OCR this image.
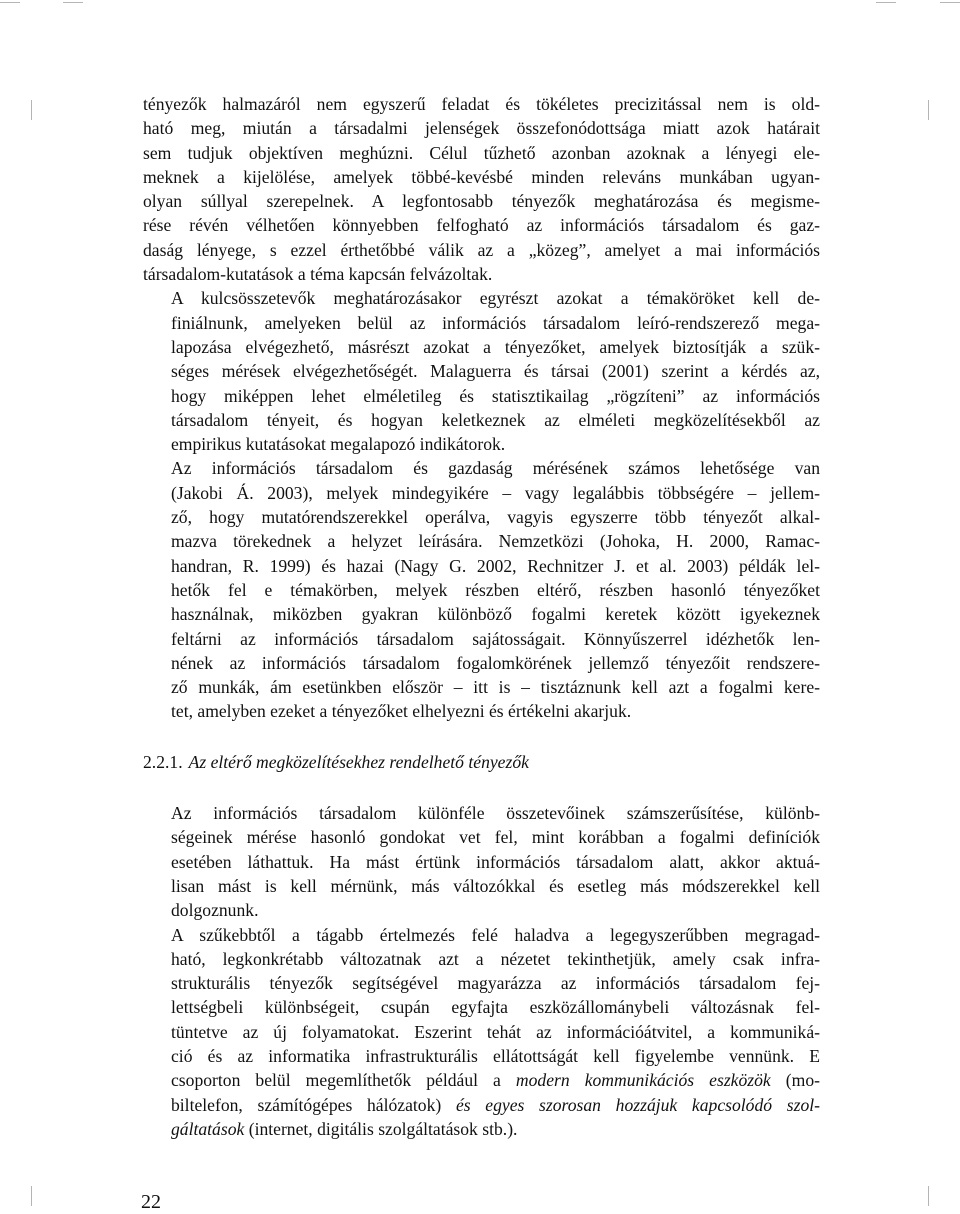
tényezők halmazáról nem egyszerű feladat és tökéletes precizitással nem is old-
ható meg, miután a társadalmi jelenségek összefonódottsága miatt azok határait
sem tudjuk objektíven meghúzni. Célul tűzhető azonban azoknak a lényegi ele-
meknek a kijelölése, amelyek többé-kevésbé minden releváns munkában ugyan-
olyan súllyal szerepelnek. A legfontosabb tényezők meghatározása és megisme-
rése révén vélhetően könnyebben felfogható az információs társadalom és gaz-
daság lényege, s ezzel érthetőbbé válik az a „közeg”, amelyet a mai információs
társadalom-kutatások a téma kapcsán felvázoltak.

A kulcsösszetevők meghatározásakor egyrészt azokat a témaköröket kell de-
finiálnunk, amelyeken belül az információs társadalom leíró-rendszerező mega-
lapozása elvégezhető, másrészt azokat a tényezőket, amelyek biztosítják a szük-
séges mérések elvégezhetőségét. Malaguerra és társai (2001) szerint a kérdés az,
hogy miképpen lehet elméletileg és statisztikailag „rögzíteni” az információs
társadalom tényeit, és hogyan keletkeznek az elméleti megközelítésekből az
empirikus kutatásokat megalapozó indikátorok.

Az információs társadalom és gazdaság mérésének számos lehetősége van
(Jakobi Á. 2003), melyek mindegyikére – vagy legalábbis többségére – jellem-
ző, hogy mutatórendszerekkel operálva, vagyis egyszerre több tényezőt alkal-
mazva törekednek a helyzet leírására. Nemzetközi (Johoka, H. 2000, Ramac-
handran, R. 1999) és hazai (Nagy G. 2002, Rechnitzer J. et al. 2003) példák lel-
hetők fel e témakörben, melyek részben eltérő, részben hasonló tényezőket
használnak, miközben gyakran különböző fogalmi keretek között igyekeznek
feltárni az információs társadalom sajátosságait. Könnyűszerrel idézhetők len-
nének az információs társadalom fogalomkörének jellemző tényezőit rendszere-
ző munkák, ám esetünkben először – itt is – tisztáznunk kell azt a fogalmi kere-
tet, amelyben ezeket a tényezőket elhelyezni és értékelni akarjuk.

2.2.1. Az eltérő megközelítésekhez rendelhető tényezők

Az információs társadalom különféle összetevőinek számszerűsítése, különb-
ségeinek mérése hasonló gondokat vet fel, mint korábban a fogalmi definíciók
esetében láthattuk. Ha mást értünk információs társadalom alatt, akkor aktuá-
lisan mást is kell mérnünk, más változókkal és esetleg más módszerekkel kell
dolgoznunk.

A szűkebbtől a tágabb értelmezés felé haladva a legegyszerűbben megragad-
ható, legkonkrétabb változatnak azt a nézetet tekinthetjük, amely csak infra-
strukturális tényezők segítségével magyarázza az információs társadalom fej-
lettségbeli különbségeit, csupán egyfajta eszközállománybeli változásnak fel-
tüntetve az új folyamatokat. Eszerint tehát az információátvitel, a kommuniká-
ció és az informatika infrastrukturális ellátottságát kell figyelembe vennünk. E
csoporton belül megemlíthetők például a modern kommunikációs eszközök (mo-
biltelefon, számítógépes hálózatok) és egyes szorosan hozzájuk kapcsolódó szol-
gáltatások (internet, digitális szolgáltatások stb.).

22
